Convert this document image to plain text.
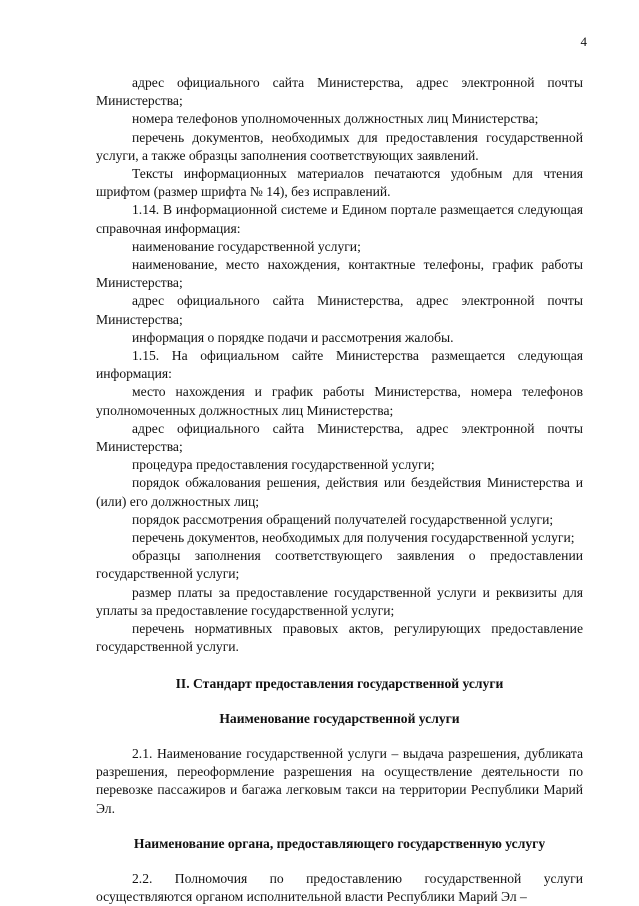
4

адрес официального сайта Министерства, адрес электронной почты Министерства;

номера телефонов уполномоченных должностных лиц Министерства;

перечень документов, необходимых для предоставления государственной услуги, а также образцы заполнения соответствующих заявлений.

Тексты информационных материалов печатаются удобным для чтения шрифтом (размер шрифта № 14), без исправлений.

1.14. В информационной системе и Едином портале размещается следующая справочная информация:

наименование государственной услуги;

наименование, место нахождения, контактные телефоны, график работы Министерства;

адрес официального сайта Министерства, адрес электронной почты Министерства;

информация о порядке подачи и рассмотрения жалобы.

1.15. На официальном сайте Министерства размещается следующая информация:

место нахождения и график работы Министерства, номера телефонов уполномоченных должностных лиц Министерства;

адрес официального сайта Министерства, адрес электронной почты Министерства;

процедура предоставления государственной услуги;

порядок обжалования решения, действия или бездействия Министерства и (или) его должностных лиц;

порядок рассмотрения обращений получателей государственной услуги;

перечень документов, необходимых для получения государственной услуги;

образцы заполнения соответствующего заявления о предоставлении государственной услуги;

размер платы за предоставление государственной услуги и реквизиты для уплаты за предоставление государственной услуги;

перечень нормативных правовых актов, регулирующих предоставление государственной услуги.

II. Стандарт предоставления государственной услуги

Наименование государственной услуги

2.1. Наименование государственной услуги – выдача разрешения, дубликата разрешения, переоформление разрешения на осуществление деятельности по перевозке пассажиров и багажа легковым такси на территории Республики Марий Эл.

Наименование органа, предоставляющего государственную услугу

2.2. Полномочия по предоставлению государственной услуги осуществляются органом исполнительной власти Республики Марий Эл –
